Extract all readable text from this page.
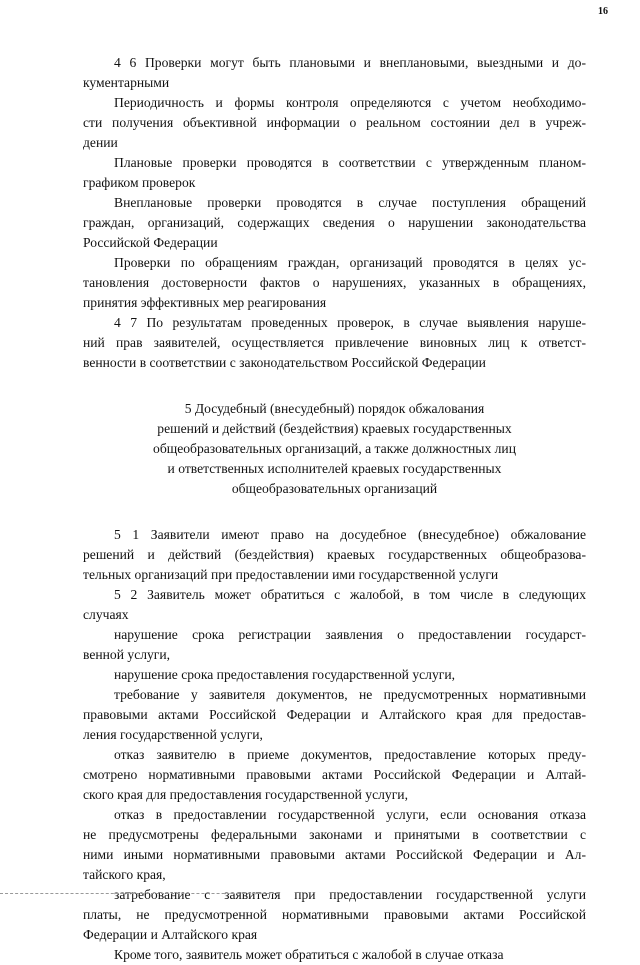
16
4 6 Проверки могут быть плановыми и внеплановыми, выездными и до-
кументарными
Периодичность и формы контроля определяются с учетом необходимо-
сти получения объективной информации о реальном состоянии дел в учреж-
дении
Плановые проверки проводятся в соответствии с утвержденным планом-
графиком проверок
Внеплановые проверки проводятся в случае поступления обращений
граждан, организаций, содержащих сведения о нарушении законодательства
Российской Федерации
Проверки по обращениям граждан, организаций проводятся в целях ус-
тановления достоверности фактов о нарушениях, указанных в обращениях,
принятия эффективных мер реагирования
4 7 По результатам проведенных проверок, в случае выявления наруше-
ний прав заявителей, осуществляется привлечение виновных лиц к ответст-
венности в соответствии с законодательством Российской Федерации
5 Досудебный (внесудебный) порядок обжалования
решений и действий (бездействия) краевых государственных
общеобразовательных организаций, а также должностных лиц
и ответственных исполнителей краевых государственных
общеобразовательных организаций
5 1 Заявители имеют право на досудебное (внесудебное) обжалование
решений и действий (бездействия) краевых государственных общеобразова-
тельных организаций при предоставлении ими государственной услуги
5 2 Заявитель может обратиться с жалобой, в том числе в следующих
случаях
нарушение срока регистрации заявления о предоставлении государст-
венной услуги,
нарушение срока предоставления государственной услуги,
требование у заявителя документов, не предусмотренных нормативными
правовыми актами Российской Федерации и Алтайского края для предостав-
ления государственной услуги,
отказ заявителю в приеме документов, предоставление которых преду-
смотрено нормативными правовыми актами Российской Федерации и Алтай-
ского края для предоставления государственной услуги,
отказ в предоставлении государственной услуги, если основания отказа
не предусмотрены федеральными законами и принятыми в соответствии с
ними иными нормативными правовыми актами Российской Федерации и Ал-
тайского края,
затребование с заявителя при предоставлении государственной услуги
платы, не предусмотренной нормативными правовыми актами Российской
Федерации и Алтайского края
Кроме того, заявитель может обратиться с жалобой в случае отказа
